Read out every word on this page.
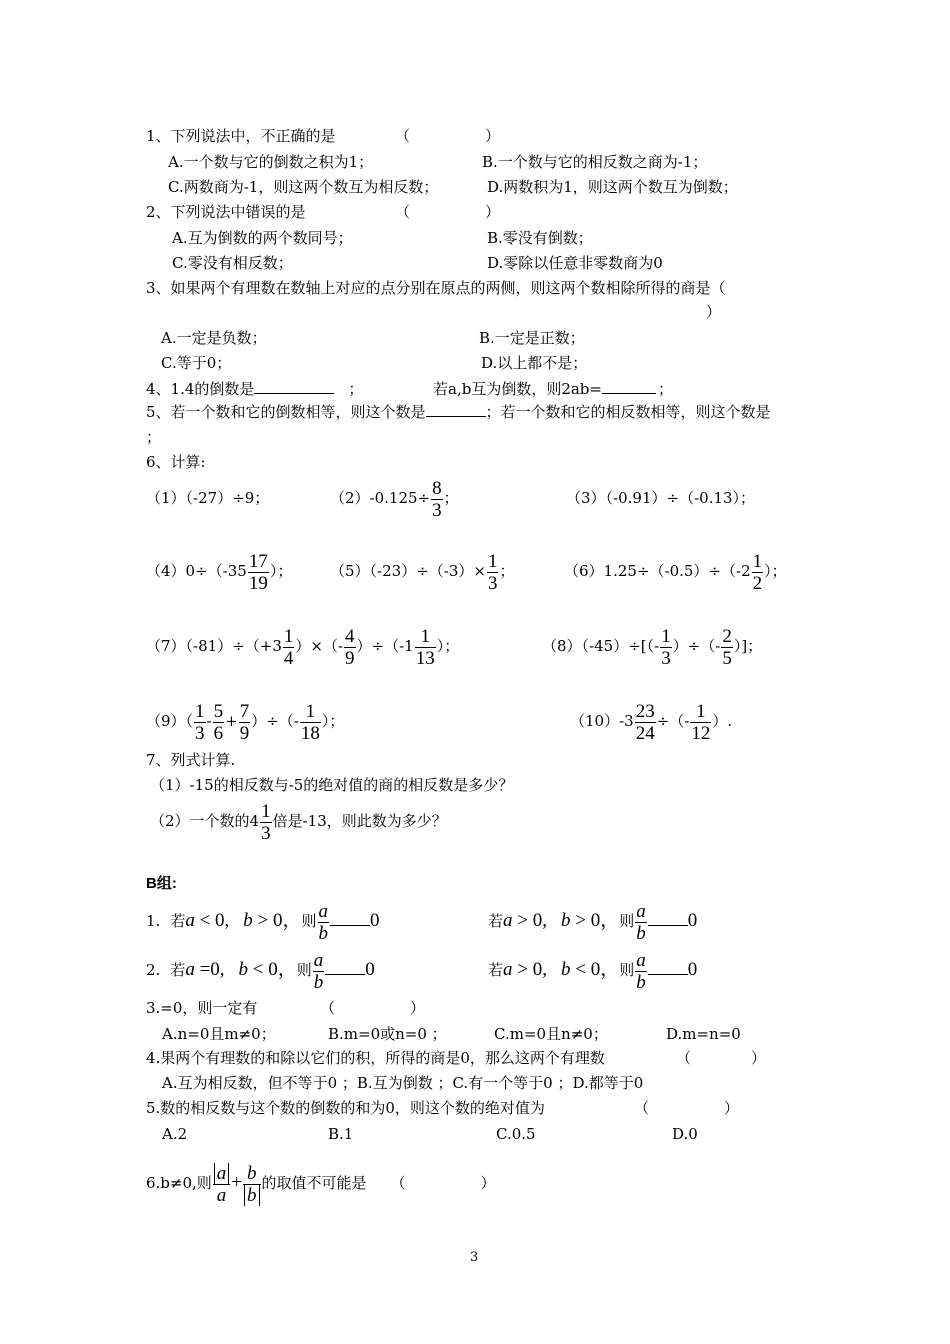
1、下列说法中，不正确的是	（　　　　　）
A.一个数与它的倒数之积为1；	B.一个数与它的相反数之商为-1；
C.两数商为-1，则这两个数互为相反数；	D.两数积为1，则这两个数互为倒数；
2、下列说法中错误的是	（　　　　　）
A.互为倒数的两个数同号；	B.零没有倒数；
C.零没有相反数；	D.零除以任意非零数商为0
3、如果两个有理数在数轴上对应的点分别在原点的两侧，则这两个数相除所得的商是（
）
A.一定是负数；	B.一定是正数；
C.等于0；	D.以上都不是；
4、1.4的倒数是	；	若a,b互为倒数，则2ab=	；
5、若一个数和它的倒数相等，则这个数是	；若一个数和它的相反数相等，则这个数是
；
6、计算:
（1）（-27）÷9；	$(2)-0.125\div \frac{8}{3}$ ；	（3）（-0.91）÷（-0.13）；
$(4)0\div(-35 \frac{17}{19}$ ）；	$(5)(-23)\div(-3)\times \frac{1}{3}$ ；	$(6)1.25\div(-0.5)\div(-2 \frac{1}{2}$ ）；
$(7)(-81)\div(+3 \frac{1}{4}$ ）×（- $\frac{4}{9} )\div(-1 \frac{1}{13}$ ）；	$(8)(-45)\div[(- \frac{1}{3}$ ）÷（- $\frac{2}{5}$ ）]；
$(9)( \frac{1}{3} - \frac{5}{6} + \frac{7}{9}$ ）÷（- $\frac{1}{18}$ ）；	$(10)-3 \frac{23}{24}$ ÷（- $\frac{1}{12}$ ）.
7、列式计算.
（1）-15的相反数与-5的绝对值的商的相反数是多少？
（2）一个数的$4 \frac{1}{3}$ 倍是-13，则此数为多少？
B组:
1. 若a < 0, b > 0，则 $\frac{a}{b} 0$	若a > 0, b > 0，则 $\frac{a}{b} 0$
2. 若a =0, b < 0，则 $\frac{a}{b} 0$	若a > 0, b < 0，则 $\frac{a}{b} 0$
3.=0，则一定有	（　　　　　）
A.n=0且m≠0；	B.m=0或n=0 ；	C.m=0且n≠0；	D.m=n=0
4.果两个有理数的和除以它们的积，所得的商是0，那么这两个有理数	（　　　　）
A.互为相反数，但不等于0 ；B.互为倒数 ；C.有一个等于0 ；D.都等于0
5.数的相反数与这个数的倒数的和为0，则这个数的绝对值为	（　　　　　）
A.2	B.1	C.0.5	D.0
6.b≠0,则 $\frac{a}{a} + \frac{b}{b}$ 的取值不可能是 （　　　　　）
3
